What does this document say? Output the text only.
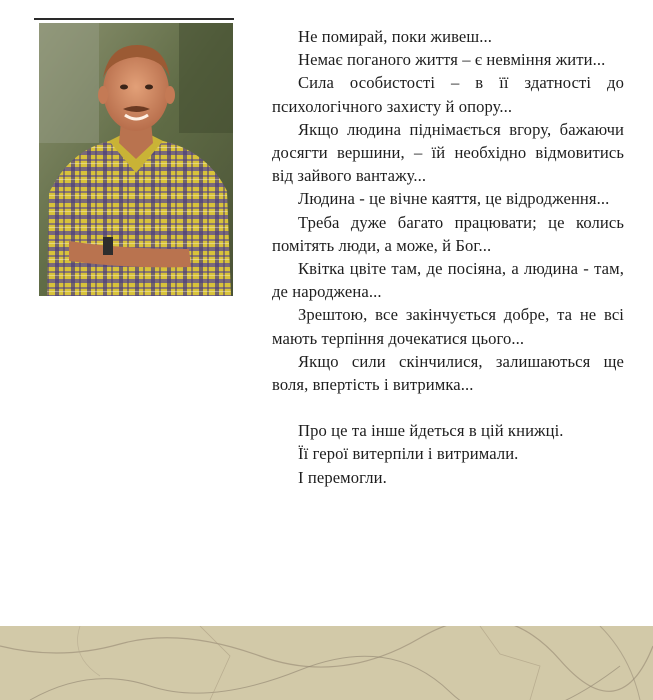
Не помирай, поки живеш...

Немає поганого життя – є невміння жити...

Сила особистості – в її здатності до психологічного захисту й опору...

Якщо людина піднімається вгору, бажаючи досягти вершини, – їй необхідно відмовитись від зайвого вантажу...

Людина - це вічне каяття, це відродження...

Треба дуже багато працювати; це колись помітять люди, а може, й Бог...

Квітка цвіте там, де посіяна, а людина - там, де народжена...

Зрештою, все закінчується добре, та не всі мають терпіння дочекатися цього...

Якщо сили скінчилися, залишаються ще воля, впертість і витримка...

Про це та інше йдеться в цій книжці.

Її герої витерпіли і витримали.

І перемогли.
